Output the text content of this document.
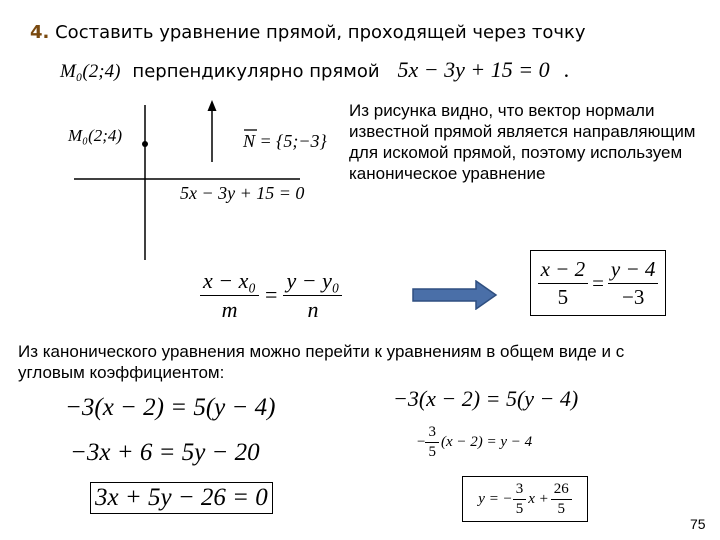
4. Составить уравнение прямой, проходящей через точку
M₀(2;4) перпендикулярно прямой 5x − 3y + 15 = 0 .
M₀(2;4)	N = {5;−3}
5x − 3y + 15 = 0
Из рисунка видно, что вектор нормали известной прямой является направляющим для искомой прямой, поэтому используем каноническое уравнение
$\frac{\text{x − x₀}}{m} = \frac{\text{y − y₀}}{n}$	$\frac{x - 2}{5} = \frac{y - 4}{-3}$
Из канонического уравнения можно перейти к уравнениям в общем виде и с угловым коэффициентом:
−3(x − 2) = 5(y − 4)
−3x + 6 = 5y − 20
3x + 5y − 26 = 0
−3(x − 2) = 5(y − 4)
− $\frac{3}{5} (x - 2) = y - 4$
y = − $\frac{3}{5}$ $x + \frac{26}{5}$
75
